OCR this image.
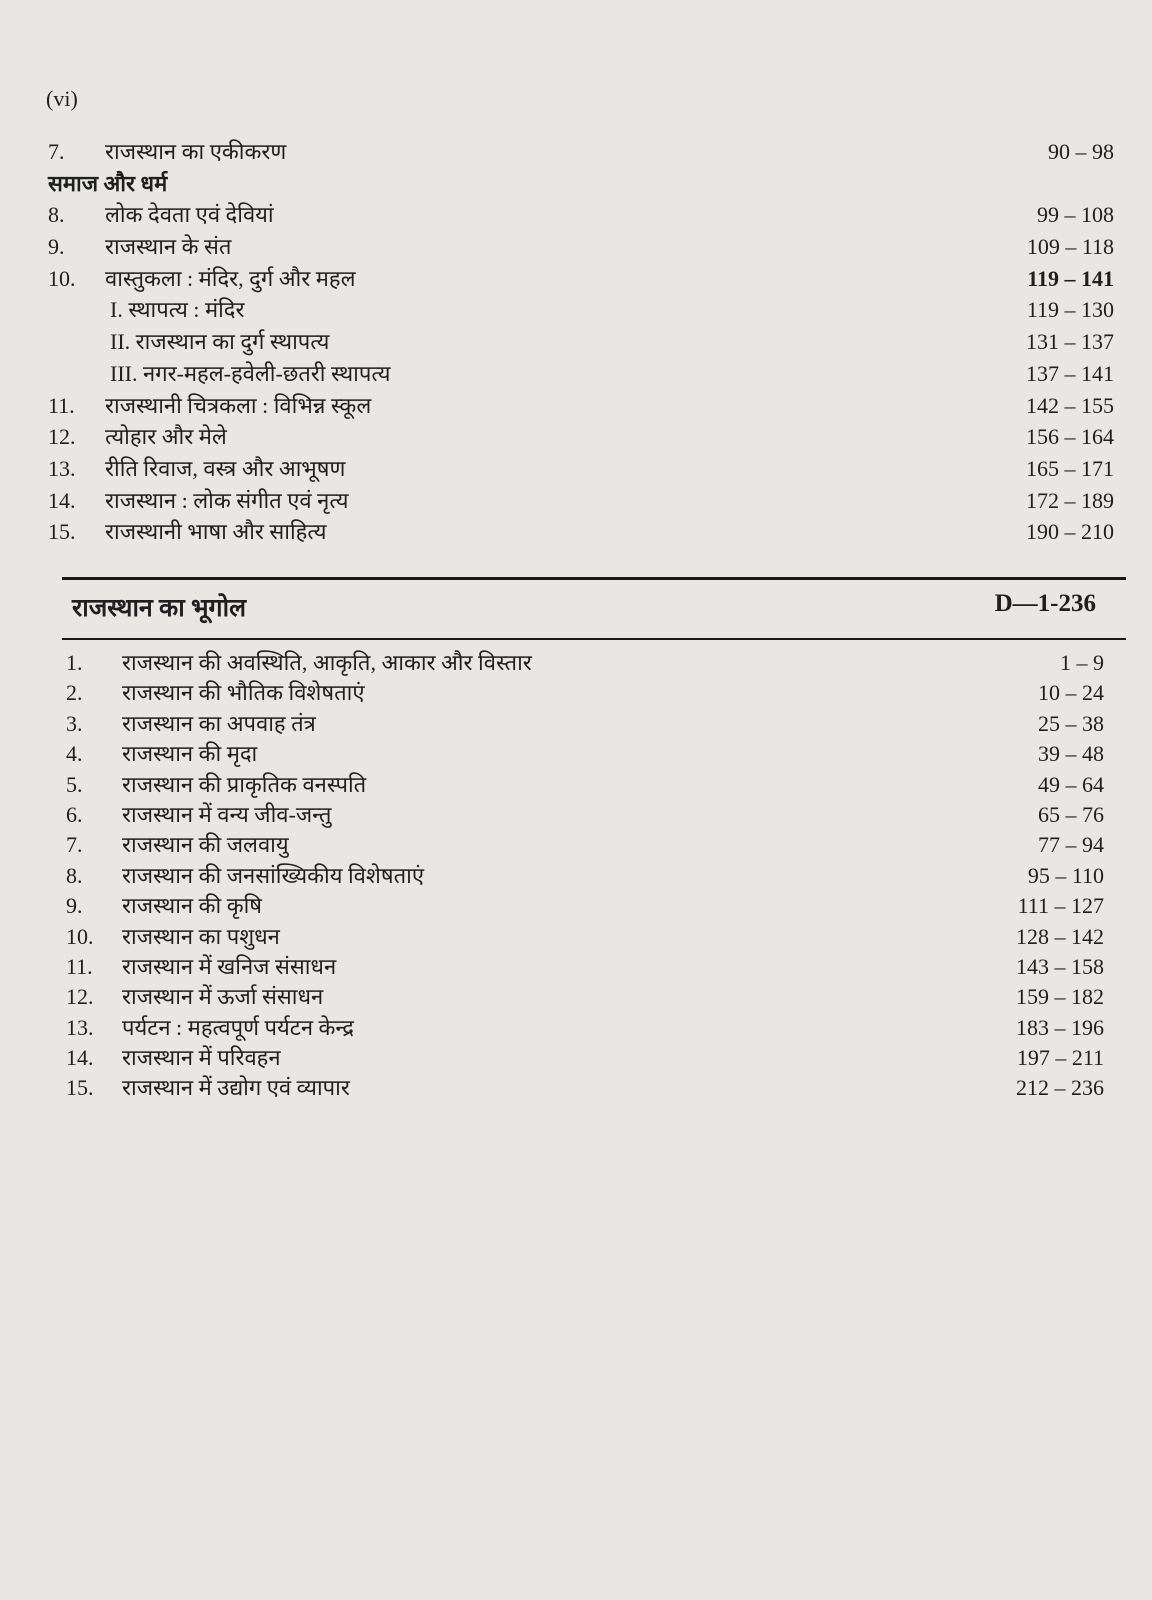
(vi)
7. राजस्थान का एकीकरण	90 – 98
समाज और धर्म
8. लोक देवता एवं देवियां	99 – 108
9. राजस्थान के संत	109 – 118
10. वास्तुकला : मंदिर, दुर्ग और महल	119 – 141
I. स्थापत्य : मंदिर	119 – 130
II. राजस्थान का दुर्ग स्थापत्य	131 – 137
III. नगर-महल-हवेली-छतरी स्थापत्य	137 – 141
11. राजस्थानी चित्रकला : विभिन्न स्कूल	142 – 155
12. त्योहार और मेले	156 – 164
13. रीति रिवाज, वस्त्र और आभूषण	165 – 171
14. राजस्थान : लोक संगीत एवं नृत्य	172 – 189
15. राजस्थानी भाषा और साहित्य	190 – 210
राजस्थान का भूगोल	D—1-236
1. राजस्थान की अवस्थिति, आकृति, आकार और विस्तार	1 – 9
2. राजस्थान की भौतिक विशेषताएं	10 – 24
3. राजस्थान का अपवाह तंत्र	25 – 38
4. राजस्थान की मृदा	39 – 48
5. राजस्थान की प्राकृतिक वनस्पति	49 – 64
6. राजस्थान में वन्य जीव-जन्तु	65 – 76
7. राजस्थान की जलवायु	77 – 94
8. राजस्थान की जनसांख्यिकीय विशेषताएं	95 – 110
9. राजस्थान की कृषि	111 – 127
10. राजस्थान का पशुधन	128 – 142
11. राजस्थान में खनिज संसाधन	143 – 158
12. राजस्थान में ऊर्जा संसाधन	159 – 182
13. पर्यटन : महत्वपूर्ण पर्यटन केन्द्र	183 – 196
14. राजस्थान में परिवहन	197 – 211
15. राजस्थान में उद्योग एवं व्यापार	212 – 236
